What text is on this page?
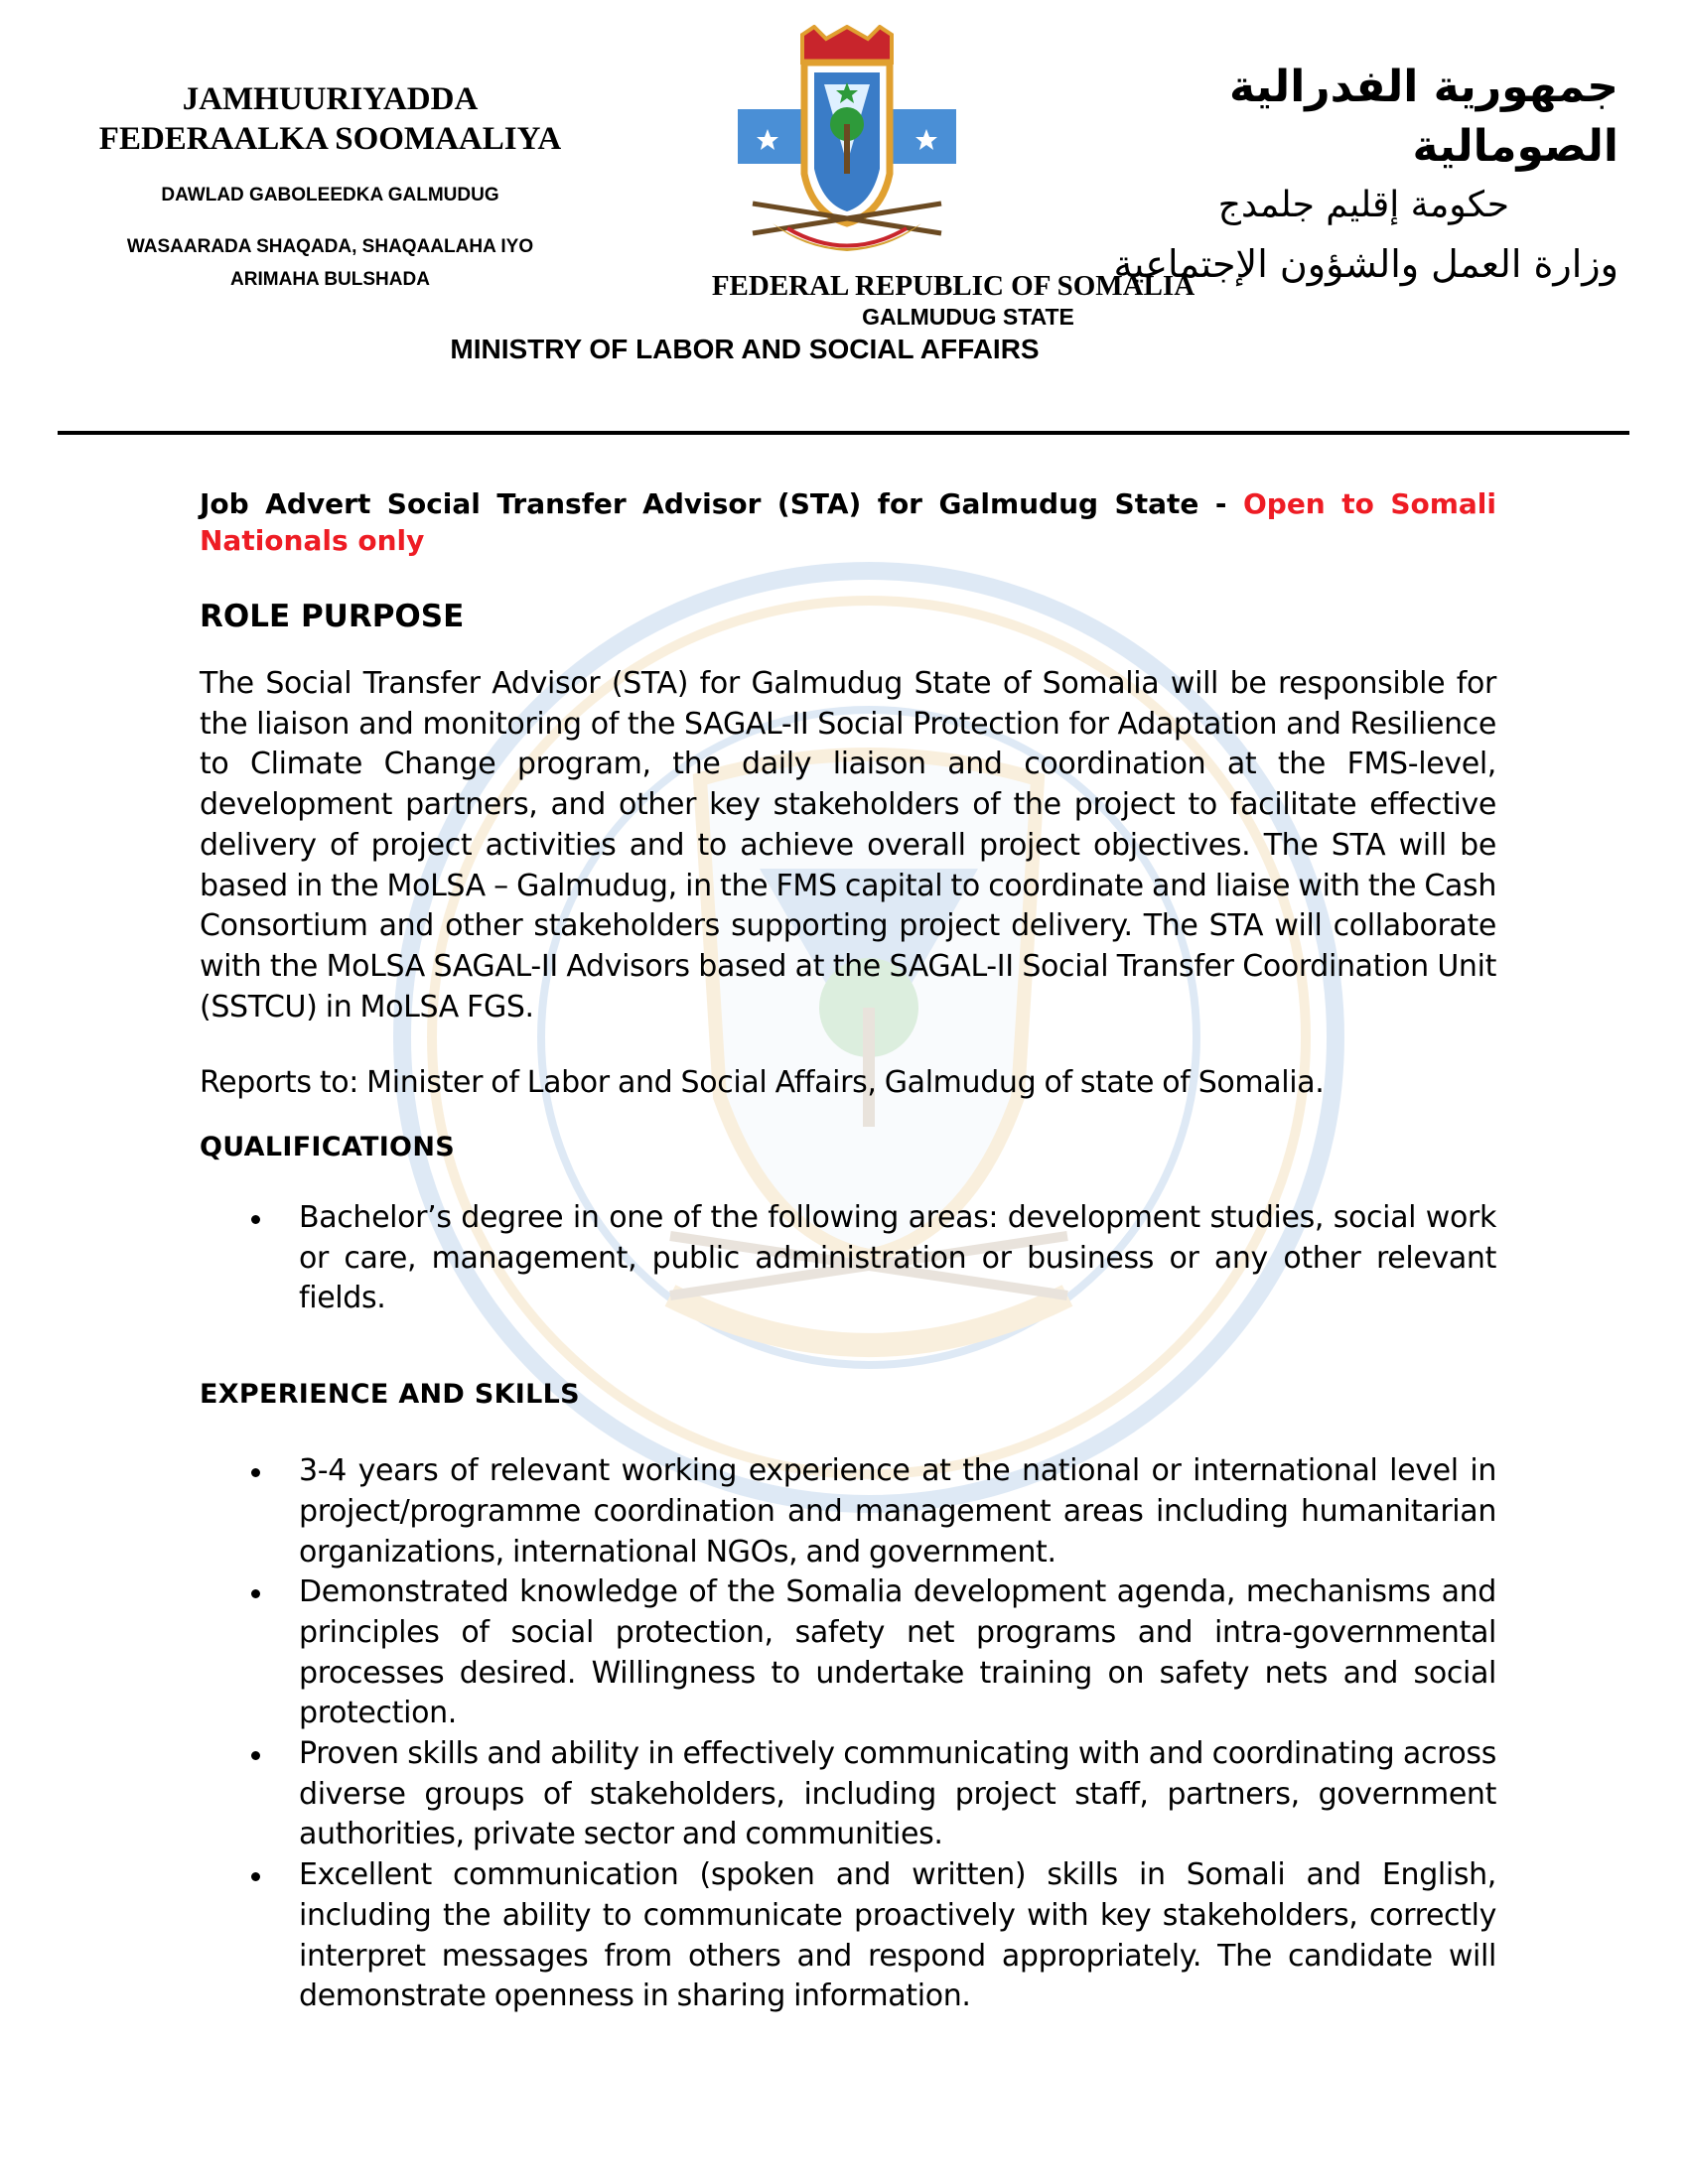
JAMHUURIYADDA
FEDERAALKA SOOMAALIYA
DAWLAD GABOLEEDKA GALMUDUG
WASAARADA SHAQADA, SHAQAALAHA IYO ARIMAHA BULSHADA
جمهورية الفدرالية الصومالية
حكومة إقليم جلمدج
وزارة العمل والشؤون الإجتماعية
FEDERAL REPUBLIC OF SOMALIA
GALMUDUG STATE
MINISTRY OF LABOR AND SOCIAL AFFAIRS

Job Advert Social Transfer Advisor (STA) for Galmudug State - Open to Somali Nationals only

ROLE PURPOSE

The Social Transfer Advisor (STA) for Galmudug State of Somalia will be responsible for the liaison and monitoring of the SAGAL-II Social Protection for Adaptation and Resilience to Climate Change program, the daily liaison and coordination at the FMS-level, development partners, and other key stakeholders of the project to facilitate effective delivery of project activities and to achieve overall project objectives. The STA will be based in the MoLSA – Galmudug, in the FMS capital to coordinate and liaise with the Cash Consortium and other stakeholders supporting project delivery. The STA will collaborate with the MoLSA SAGAL-II Advisors based at the SAGAL-II Social Transfer Coordination Unit (SSTCU) in MoLSA FGS.

Reports to: Minister of Labor and Social Affairs, Galmudug of state of Somalia.

QUALIFICATIONS

Bachelor’s degree in one of the following areas: development studies, social work or care, management, public administration or business or any other relevant fields.

EXPERIENCE AND SKILLS

3-4 years of relevant working experience at the national or international level in project/programme coordination and management areas including humanitarian organizations, international NGOs, and government.
Demonstrated knowledge of the Somalia development agenda, mechanisms and principles of social protection, safety net programs and intra-governmental processes desired. Willingness to undertake training on safety nets and social protection.
Proven skills and ability in effectively communicating with and coordinating across diverse groups of stakeholders, including project staff, partners, government authorities, private sector and communities.
Excellent communication (spoken and written) skills in Somali and English, including the ability to communicate proactively with key stakeholders, correctly interpret messages from others and respond appropriately. The candidate will demonstrate openness in sharing information.
